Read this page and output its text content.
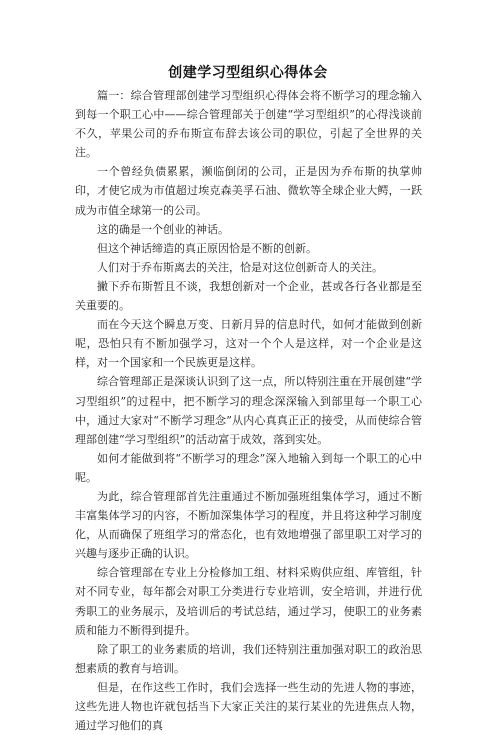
创建学习型组织心得体会

篇一：综合管理部创建学习型组织心得体会将不断学习的理念输入到每一个职工心中——综合管理部关于创建“学习型组织”的心得浅谈前不久，苹果公司的乔布斯宣布辞去该公司的职位，引起了全世界的关注。

一个曾经负债累累，濒临倒闭的公司，正是因为乔布斯的执掌帅印，才使它成为市值超过埃克森美孚石油、微软等全球企业大鳄，一跃成为市值全球第一的公司。

这的确是一个创业的神话。

但这个神话缔造的真正原因恰是不断的创新。

人们对于乔布斯离去的关注，恰是对这位创新奇人的关注。

撇下乔布斯暂且不谈，我想创新对一个企业，甚或各行各业都是至关重要的。

而在今天这个瞬息万变、日新月异的信息时代，如何才能做到创新呢，恐怕只有不断加强学习，这对一个个人是这样，对一个企业是这样，对一个国家和一个民族更是这样。

综合管理部正是深谈认识到了这一点，所以特别注重在开展创建“学习型组织”的过程中，把不断学习的理念深深输入到部里每一个职工心中，通过大家对“不断学习理念”从内心真真正正的接受，从而使综合管理部创建“学习型组织”的活动富于成效，落到实处。

如何才能做到将“不断学习的理念”深入地输入到每一个职工的心中呢。

为此，综合管理部首先注重通过不断加强班组集体学习，通过不断丰富集体学习的内容，不断加深集体学习的程度，并且将这种学习制度化，从而确保了班组学习的常态化，也有效地增强了部里职工对学习的兴趣与逐步正确的认识。

综合管理部在专业上分检修加工组、材料采购供应组、库管组，针对不同专业，每年都会对职工分类进行专业培训，安全培训，并进行优秀职工的业务展示，及培训后的考试总结，通过学习，使职工的业务素质和能力不断得到提升。

除了职工的业务素质的培训，我们还特别注重加强对职工的政治思想素质的教育与培训。

但是，在作这些工作时，我们会选择一些生动的先进人物的事迹，这些先进人物也许就包括当下大家正关注的某行某业的先进焦点人物，通过学习他们的真
